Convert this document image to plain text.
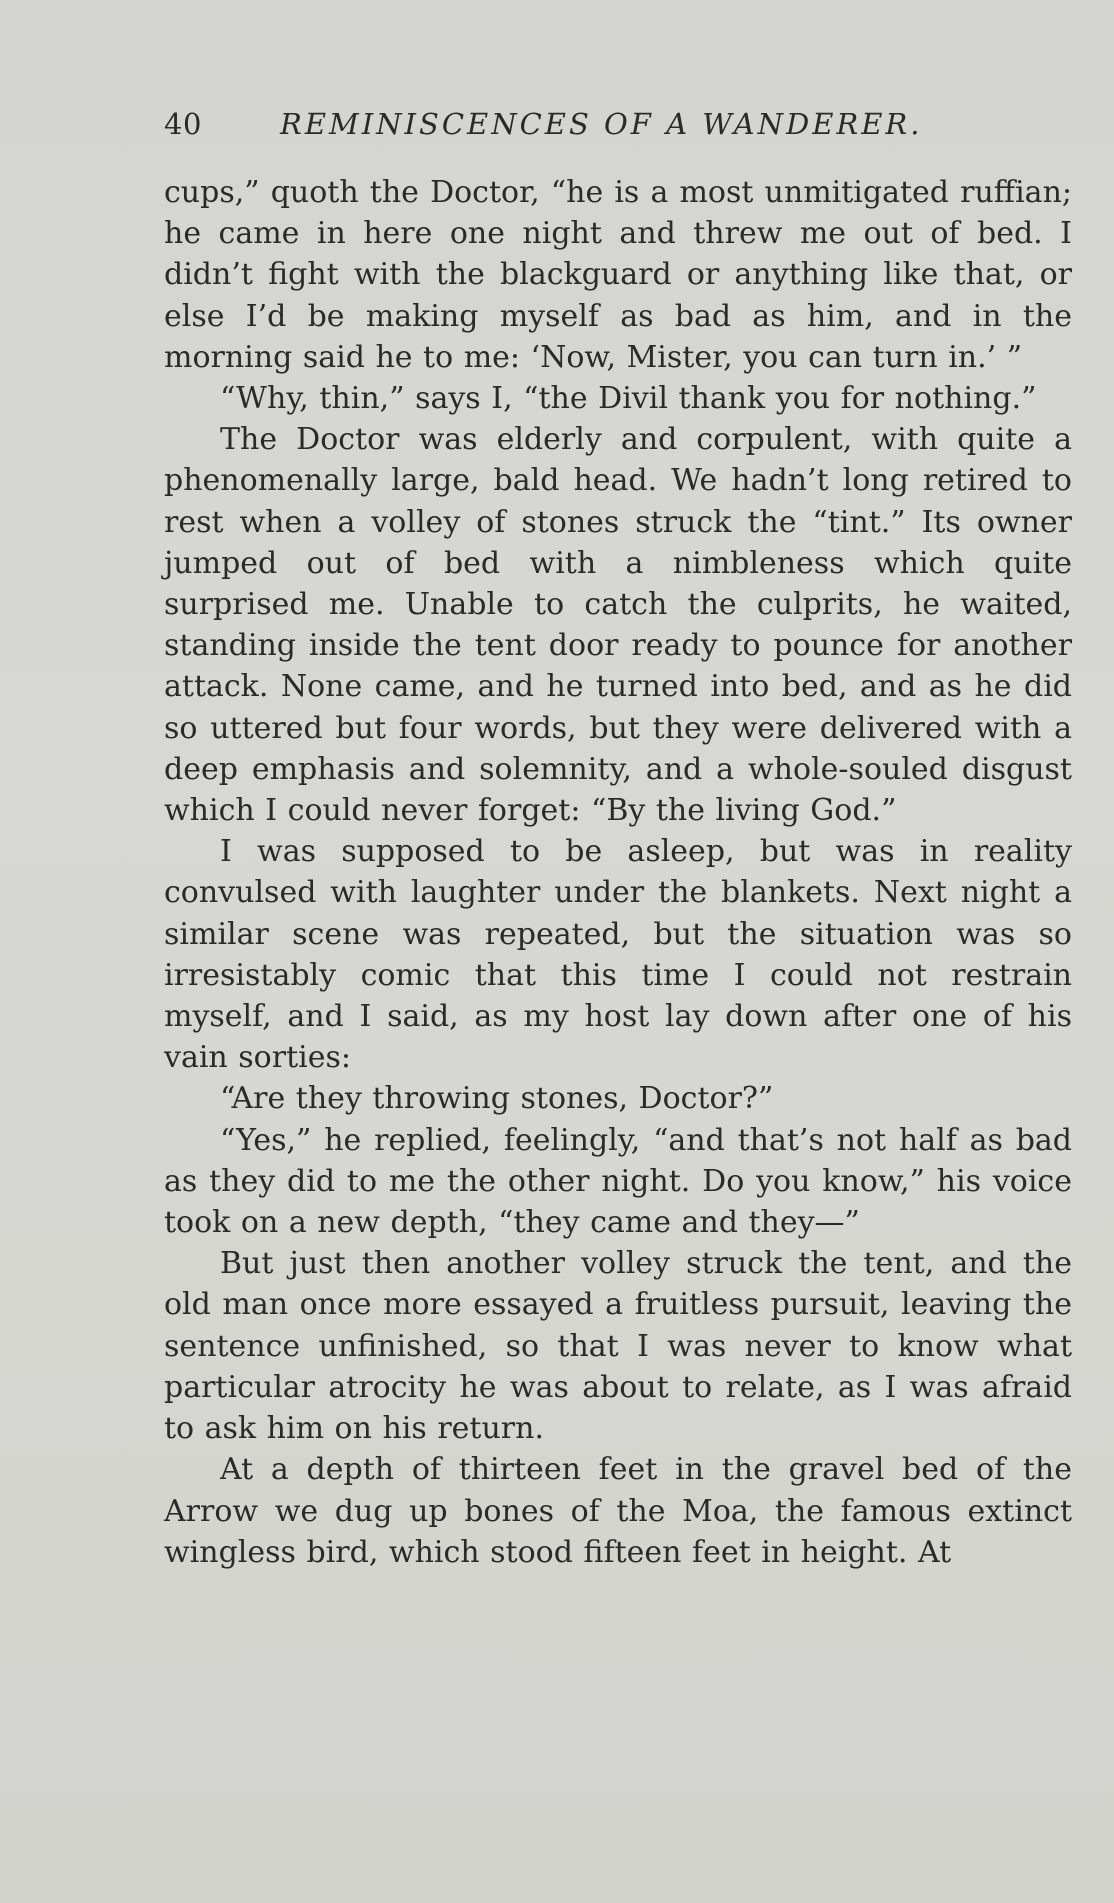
40	REMINISCENCES OF A WANDERER.

cups,” quoth the Doctor, “he is a most unmitigated ruffian; he came in here one night and threw me out of bed. I didn’t fight with the blackguard or anything like that, or else I’d be making myself as bad as him, and in the morning said he to me: ‘Now, Mister, you can turn in.’ ”

“Why, thin,” says I, “the Divil thank you for nothing.”

The Doctor was elderly and corpulent, with quite a phenomenally large, bald head. We hadn’t long retired to rest when a volley of stones struck the “tint.” Its owner jumped out of bed with a nimbleness which quite surprised me. Unable to catch the culprits, he waited, standing inside the tent door ready to pounce for another attack. None came, and he turned into bed, and as he did so uttered but four words, but they were delivered with a deep emphasis and solemnity, and a whole-souled disgust which I could never forget: “By the living God.”

I was supposed to be asleep, but was in reality convulsed with laughter under the blankets. Next night a similar scene was repeated, but the situation was so irresistably comic that this time I could not restrain myself, and I said, as my host lay down after one of his vain sorties:

“Are they throwing stones, Doctor?”

“Yes,” he replied, feelingly, “and that’s not half as bad as they did to me the other night. Do you know,” his voice took on a new depth, “they came and they—”

But just then another volley struck the tent, and the old man once more essayed a fruitless pursuit, leaving the sentence unfinished, so that I was never to know what particular atrocity he was about to relate, as I was afraid to ask him on his return.

At a depth of thirteen feet in the gravel bed of the Arrow we dug up bones of the Moa, the famous extinct wingless bird, which stood fifteen feet in height. At
